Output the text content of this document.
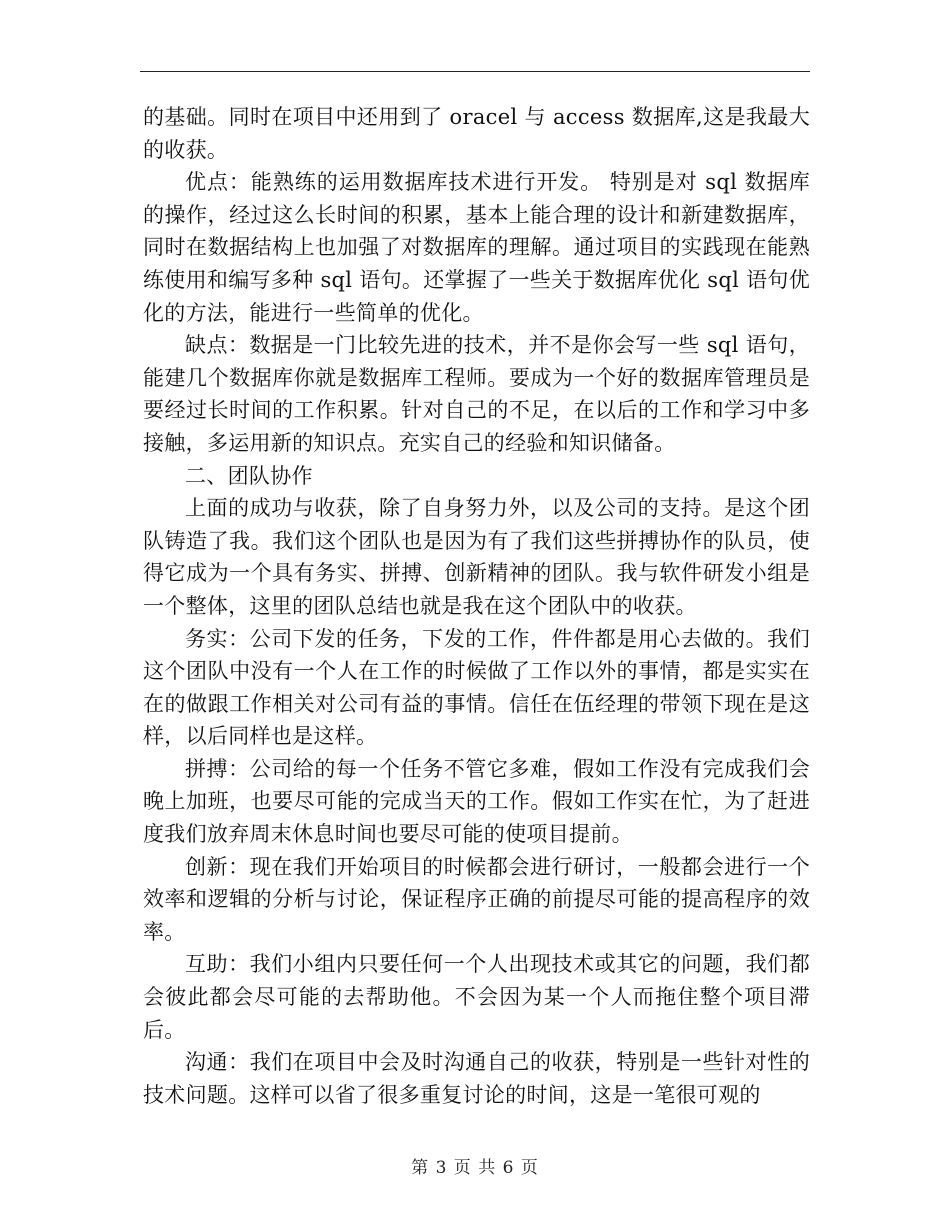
的基础。同时在项目中还用到了 oracel 与 access 数据库,这是我最大的收获。

优点：能熟练的运用数据库技术进行开发。 特别是对 sql 数据库的操作，经过这么长时间的积累，基本上能合理的设计和新建数据库，同时在数据结构上也加强了对数据库的理解。通过项目的实践现在能熟练使用和编写多种 sql 语句。还掌握了一些关于数据库优化 sql 语句优化的方法，能进行一些简单的优化。

缺点：数据是一门比较先进的技术，并不是你会写一些 sql 语句，能建几个数据库你就是数据库工程师。要成为一个好的数据库管理员是要经过长时间的工作积累。针对自己的不足，在以后的工作和学习中多接触，多运用新的知识点。充实自己的经验和知识储备。

二、团队协作

上面的成功与收获，除了自身努力外，以及公司的支持。是这个团队铸造了我。我们这个团队也是因为有了我们这些拼搏协作的队员，使得它成为一个具有务实、拼搏、创新精神的团队。我与软件研发小组是一个整体，这里的团队总结也就是我在这个团队中的收获。

务实：公司下发的任务，下发的工作，件件都是用心去做的。我们这个团队中没有一个人在工作的时候做了工作以外的事情，都是实实在在的做跟工作相关对公司有益的事情。信任在伍经理的带领下现在是这样，以后同样也是这样。

拼搏：公司给的每一个任务不管它多难，假如工作没有完成我们会晚上加班，也要尽可能的完成当天的工作。假如工作实在忙，为了赶进度我们放弃周末休息时间也要尽可能的使项目提前。

创新：现在我们开始项目的时候都会进行研讨，一般都会进行一个效率和逻辑的分析与讨论，保证程序正确的前提尽可能的提高程序的效率。

互助：我们小组内只要任何一个人出现技术或其它的问题，我们都会彼此都会尽可能的去帮助他。不会因为某一个人而拖住整个项目滞后。

沟通：我们在项目中会及时沟通自己的收获，特别是一些针对性的技术问题。这样可以省了很多重复讨论的时间，这是一笔很可观的

第 3 页 共 6 页
